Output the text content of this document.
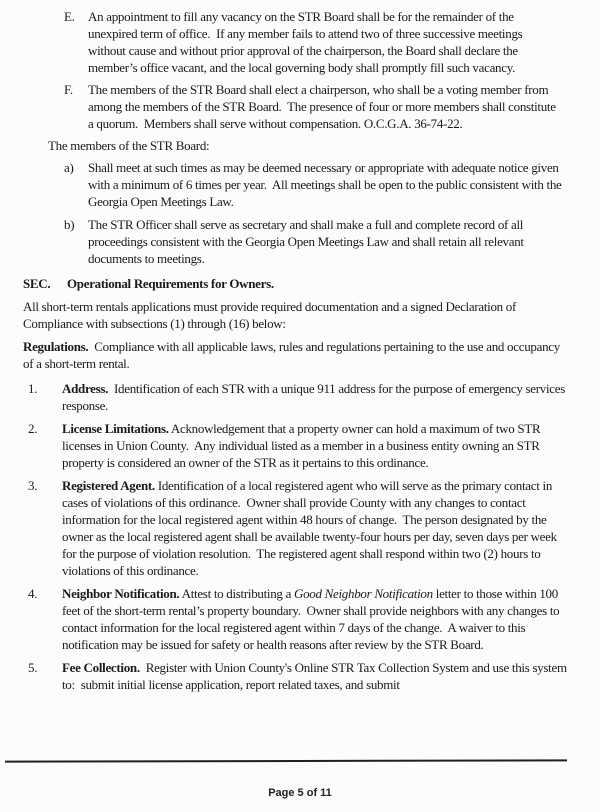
E.	An appointment to fill any vacancy on the STR Board shall be for the remainder of the unexpired term of office.  If any member fails to attend two of three successive meetings without cause and without prior approval of the chairperson, the Board shall declare the member’s office vacant, and the local governing body shall promptly fill such vacancy.
F.	The members of the STR Board shall elect a chairperson, who shall be a voting member from among the members of the STR Board.  The presence of four or more members shall constitute a quorum.  Members shall serve without compensation. O.C.G.A. 36-74-22.
The members of the STR Board:
a)	Shall meet at such times as may be deemed necessary or appropriate with adequate notice given with a minimum of 6 times per year.  All meetings shall be open to the public consistent with the Georgia Open Meetings Law.
b)	The STR Officer shall serve as secretary and shall make a full and complete record of all proceedings consistent with the Georgia Open Meetings Law and shall retain all relevant documents to meetings.
SEC.	Operational Requirements for Owners.
All short-term rentals applications must provide required documentation and a signed Declaration of Compliance with subsections (1) through (16) below:
Regulations.  Compliance with all applicable laws, rules and regulations pertaining to the use and occupancy of a short-term rental.
1.	Address.  Identification of each STR with a unique 911 address for the purpose of emergency services response.
2.	License Limitations. Acknowledgement that a property owner can hold a maximum of two STR licenses in Union County.  Any individual listed as a member in a business entity owning an STR property is considered an owner of the STR as it pertains to this ordinance.
3.	Registered Agent. Identification of a local registered agent who will serve as the primary contact in cases of violations of this ordinance.  Owner shall provide County with any changes to contact information for the local registered agent within 48 hours of change.  The person designated by the owner as the local registered agent shall be available twenty-four hours per day, seven days per week for the purpose of violation resolution.  The registered agent shall respond within two (2) hours to violations of this ordinance.
4.	Neighbor Notification. Attest to distributing a Good Neighbor Notification letter to those within 100 feet of the short-term rental’s property boundary.  Owner shall provide neighbors with any changes to contact information for the local registered agent within 7 days of the change.  A waiver to this notification may be issued for safety or health reasons after review by the STR Board.
5.	Fee Collection.  Register with Union County's Online STR Tax Collection System and use this system to:  submit initial license application, report related taxes, and submit
Page 5 of 11
